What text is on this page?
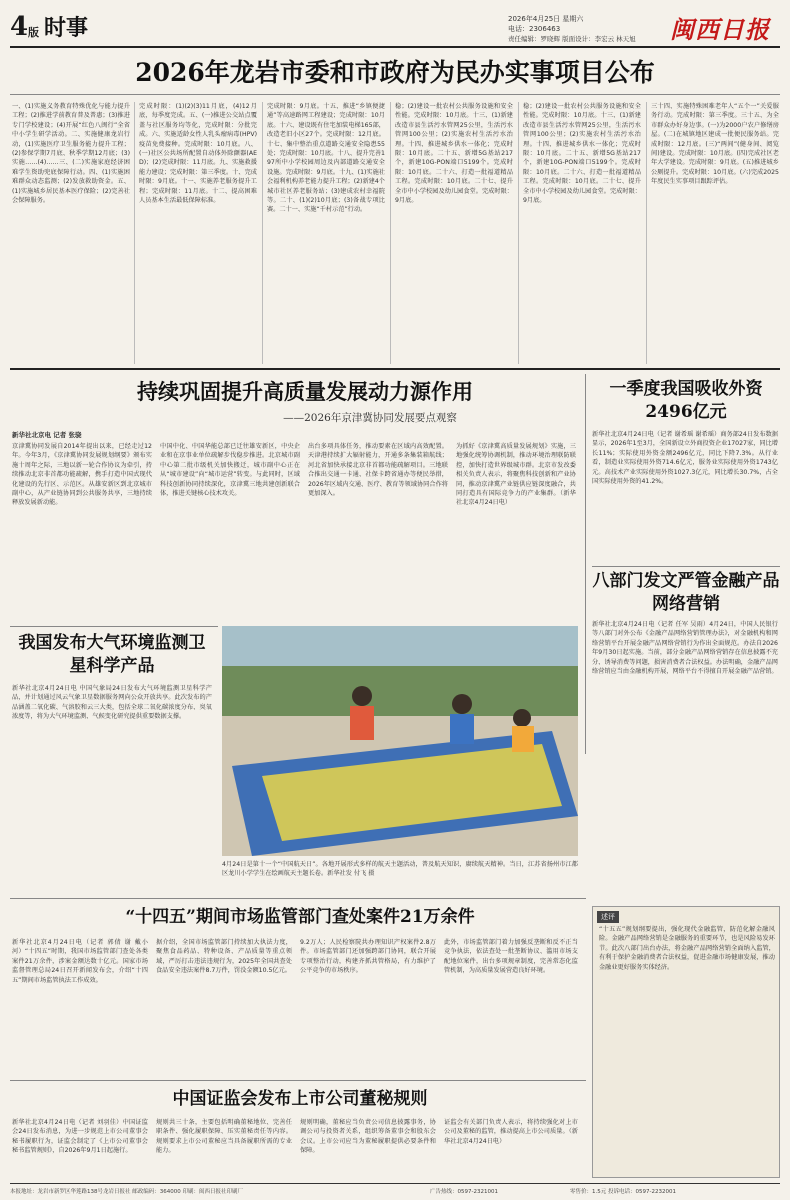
4 版 时事	2026年4月25日 星期六
电话：2306463
责任编辑：罗晓辉 版面设计：李宏云 林天旭 闽西日报
2026年龙岩市委和市政府为民办实事项目公布
一、(1)实施义务教育特殊优化与能力提升工程；(2)推进学前教育普及普惠；(3)推进专门学校建设；(4)开展“红色八闽行”全省中小学生研学活动。二、实施健康龙岩行动，(1)实施医疗卫生服务能力提升工程；(2)参保学期7月底、秋季学期12月底；(3)实施……(4)……三、(二)实施家庭经济困难学生资助兜底保障行动。四、(1)实施困难群众动态监测；(2)发放救助资金。五、(1)实施城乡居民基本医疗保险；(2)完善社会保障服务。
完成时限：(1)(2)(3)11月底，(4)12月底，每季度完成。五、(一)推进公交站点覆盖与社区服务均等化，完成时限：分批完成。六、实施适龄女性人乳头瘤病毒(HPV)疫苗免费接种。完成时限：10月底。八、(一)社区公共场所配置自动体外除颤器(AED)；(2)完成时限：11月底。九、实施救援能力建设；完成时限：第三季度。十、完成时限：9月底。十一、实施养老服务提升工程；完成时限：11月底。十二、提高困难人员基本生活最低保障标准。
完成时限：9月底。十五、推进“乡镇便捷通”等高速路网工程建设；完成时限：10月底。十六、建设既有住宅加装电梯165部，改造老旧小区27个。完成时限：12月底。十七、集中整治重点道路交通安全隐患55处；完成时限：10月底。十八、提升完善197所中小学校园周边及内部道路交通安全设施。完成时限：9月底。十九、(1)实施社会福利机构养老能力提升工程；(2)新建4个城市社区养老服务站；(3)建成农村幸福院等。二十、(1)(2)10月底；(3)备战专项比赛。二十一、实施“千村示范”行动。
稳；(2)建设一批农村公共服务设施和安全性能。完成时限：10月底。十三、(1)新建改造市县生活污水管网25公里，生活污水管网100公里；(2)实施农村生活污水治理。十四、推进城乡供水一体化；完成时限：10月底。二十五、新增5G基站217个，新建10G-PON端口5199个。完成时限：10月底。二十六、打造一批福道精品工程。完成时限：10月底。二十七、提升全市中小学校园及幼儿园食堂。完成时限：9月底。
稳；(2)建设一批农村公共服务设施和安全性能。完成时限：10月底。十三、(1)新建改造市县生活污水管网25公里，生活污水管网100公里；(2)实施农村生活污水治理。十四、推进城乡供水一体化；完成时限：10月底。二十五、新增5G基站217个，新建10G-PON端口5199个。完成时限：10月底。二十六、打造一批福道精品工程。完成时限：10月底。二十七、提升全市中小学校园及幼儿园食堂。完成时限：9月底。
三十四、实施特殊困难老年人“五个一”关爱服务行动。完成时限：第三季度。三十五、为全市群众办好身边事。(一)为2000户农户修缮房屋。(二)在城镇地区建成一批便民服务站。完成时限：12月底。(三)“两间”(健身间、阅览间)建设。完成时限：10月底。(四)完成社区老年大学建设。完成时限：9月底。(五)推进城乡公厕提升。完成时限：10月底。(六)完成2025年度民生实事项目跟踪评估。
持续巩固提升高质量发展动力源作用
——2026年京津冀协同发展要点观察
新华社北京电 记者 张骁
京津冀协同发展自2014年提出以来，已经走过12年。今年3月，《京津冀协同发展规划纲要》颁布实施十周年之际，三地以新一轮合作协议为牵引，持续推动北京非首都功能疏解，携手打造中国式现代化建设的先行区、示范区。从雄安新区到北京城市副中心，从产业链协同到公共服务共享，三地持续释放发展新动能。
中国中化、中国华能总部已迁往雄安新区，中央企业和在京事业单位疏解步伐稳步推进。北京城市副中心第二批市级机关加快搬迁，城市副中心正在从“城市建设”向“城市运营”转变。与此同时，区域科技创新协同持续深化，京津冀三地共建创新联合体，推进关键核心技术攻关。
出台多项具体任务，推动要素在区域内高效配置。天津港持续扩大辐射能力，开通多条集装箱航线；河北省加快承接北京非首都功能疏解项目。三地联合推出交通一卡通、社保卡跨省通办等便民举措，2026年区域内交通、医疗、教育等领域协同合作将更加深入。
为抓好《京津冀高质量发展规划》实施，三地强化统筹协调机制，推动环境治理联防联控，加快打造世界级城市群。北京市发改委相关负责人表示，将聚焦科技创新和产业协同，推动京津冀产业链供应链深度融合，共同打造具有国际竞争力的产业集群。（新华社北京4月24日电）
一季度我国吸收外资2496亿元
新华社北京4月24日电（记者 谢希瑶 谢希瑶）商务部24日发布数据显示，2026年1至3月，全国新设立外商投资企业17027家，同比增长11%；实际使用外资金额2496亿元，同比下降7.3%。从行业看，制造业实际使用外资714.6亿元，服务业实际使用外资1743亿元。高技术产业实际使用外资1027.3亿元，同比增长30.7%，占全国实际使用外资的41.2%。
八部门发文严管金融产品网络营销
新华社北京4月24日电（记者 任军 吴雨）4月24日，中国人民银行等八部门对外公布《金融产品网络营销管理办法》，对金融机构和网络营销平台开展金融产品网络营销行为作出全面规范。办法自2026年9月30日起实施。当前，部分金融产品网络营销存在信息披露不充分、诱导消费等问题，损害消费者合法权益。办法明确，金融产品网络营销应当由金融机构开展，网络平台不得擅自开展金融产品营销。
我国发布大气环境监测卫星科学产品
新华社北京4月24日电 中国气象局24日发布大气环境监测卫星科学产品，并计划通过风云气象卫星数据服务网向公众开放共享。此次发布的产品涵盖二氧化碳、气溶胶和云三大类，包括全球二氧化碳浓度分布、臭氧浓度等，将为大气环境监测、气候变化研究提供重要数据支撑。
4月24日是第十一个“中国航天日”。各地开展形式多样的航天主题活动，普及航天知识，赓续航天精神。当日，江苏省扬州市江都区龙川小学学生在绘画航天主题长卷。新华社发 付飞 摄
“十四五”期间市场监管部门查处案件21万余件
新华社北京4月24日电（记者 郭倩 谢 戴小河）“十四五”时期，我国市场监管部门查处各类案件21万余件，涉案金额达数十亿元。国家市场监督管理总局24日召开新闻发布会，介绍“十四五”期间市场监管执法工作成效。
据介绍，全国市场监管部门持续加大执法力度，聚焦食品药品、特种设备、产品质量等重点领域，严厉打击违法违规行为，2025年全国共查处食品安全违法案件8.7万件，罚没金额10.5亿元。
9.2万人；人民检察院共办理知识产权案件2.8万件。市场监管部门还加强跨部门协同，联合开展专项整治行动，构建齐抓共管格局，有力维护了公平竞争的市场秩序。
此外，市场监管部门着力加强反垄断和反不正当竞争执法，依法查处一批垄断协议、滥用市场支配地位案件，出台多项规章制度，完善常态化监管机制，为高质量发展营造良好环境。
述评
“十五五”规划纲要提出，强化现代金融监管，防范化解金融风险。金融产品网络营销是金融服务的重要环节，也是风险易发环节。此次八部门出台办法，将金融产品网络营销全面纳入监管，有利于保护金融消费者合法权益，促进金融市场健康发展，推动金融业更好服务实体经济。
中国证监会发布上市公司董秘规则
新华社北京4月24日电（记者 刘羽佳）中国证监会24日发布消息，为进一步规范上市公司董事会秘书履职行为，证监会制定了《上市公司董事会秘书监管规则》，自2026年9月1日起施行。
规则共三十条，主要包括明确董秘地位、完善任职条件、强化履职保障、压实董秘责任等内容。规则要求上市公司董秘应当具备履职所需的专业能力。
规则明确，董秘应当负责公司信息披露事务，协调公司与投资者关系，组织筹备董事会和股东会会议。上市公司应当为董秘履职提供必要条件和保障。
证监会有关部门负责人表示，将持续强化对上市公司及董秘的监管，推动提高上市公司质量。（新华社北京4月24日电）
本报地址：龙岩市新罗区华莲路138号龙岩日报社 邮政编码：364000 印刷：闽西日报社印刷厂	广告热线：0597-2321001	零售价：1.5元 投诉电话：0597-2232001
